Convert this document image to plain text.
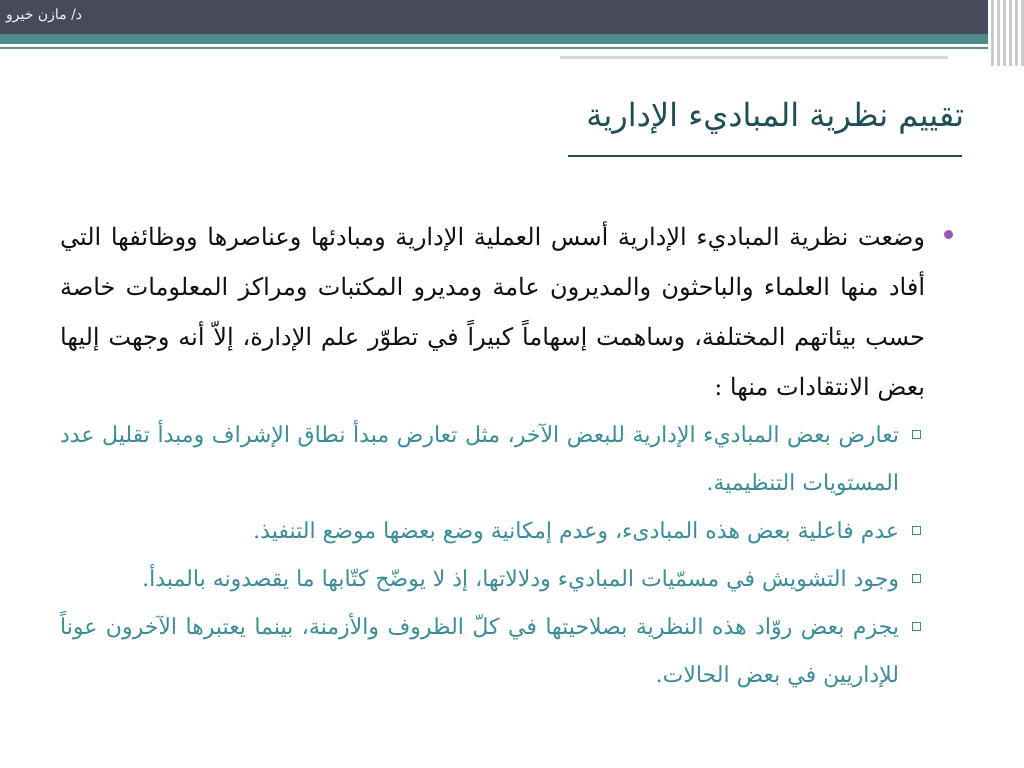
د/ مازن خيرو
تقييم نظرية المباديء الإدارية

وضعت نظرية المباديء الإدارية أسس العملية الإدارية ومبادئها وعناصرها ووظائفها التي أفاد منها العلماء والباحثون والمديرون عامة ومديرو المكتبات ومراكز المعلومات خاصة حسب بيئاتهم المختلفة، وساهمت إسهاماً كبيراً في تطوّر علم الإدارة، إلاّ أنه وجهت إليها بعض الانتقادات منها :

تعارض بعض المباديء الإدارية للبعض الآخر، مثل تعارض مبدأ نطاق الإشراف ومبدأ تقليل عدد المستويات التنظيمية.

عدم فاعلية بعض هذه المبادىء، وعدم إمكانية وضع بعضها موضع التنفيذ.

وجود التشويش في مسمّيات المباديء ودلالاتها، إذ لا يوضّح كتّابها ما يقصدونه بالمبدأ.

يجزم بعض روّاد هذه النظرية بصلاحيتها في كلّ الظروف والأزمنة، بينما يعتبرها الآخرون عوناً للإداريين في بعض الحالات.
